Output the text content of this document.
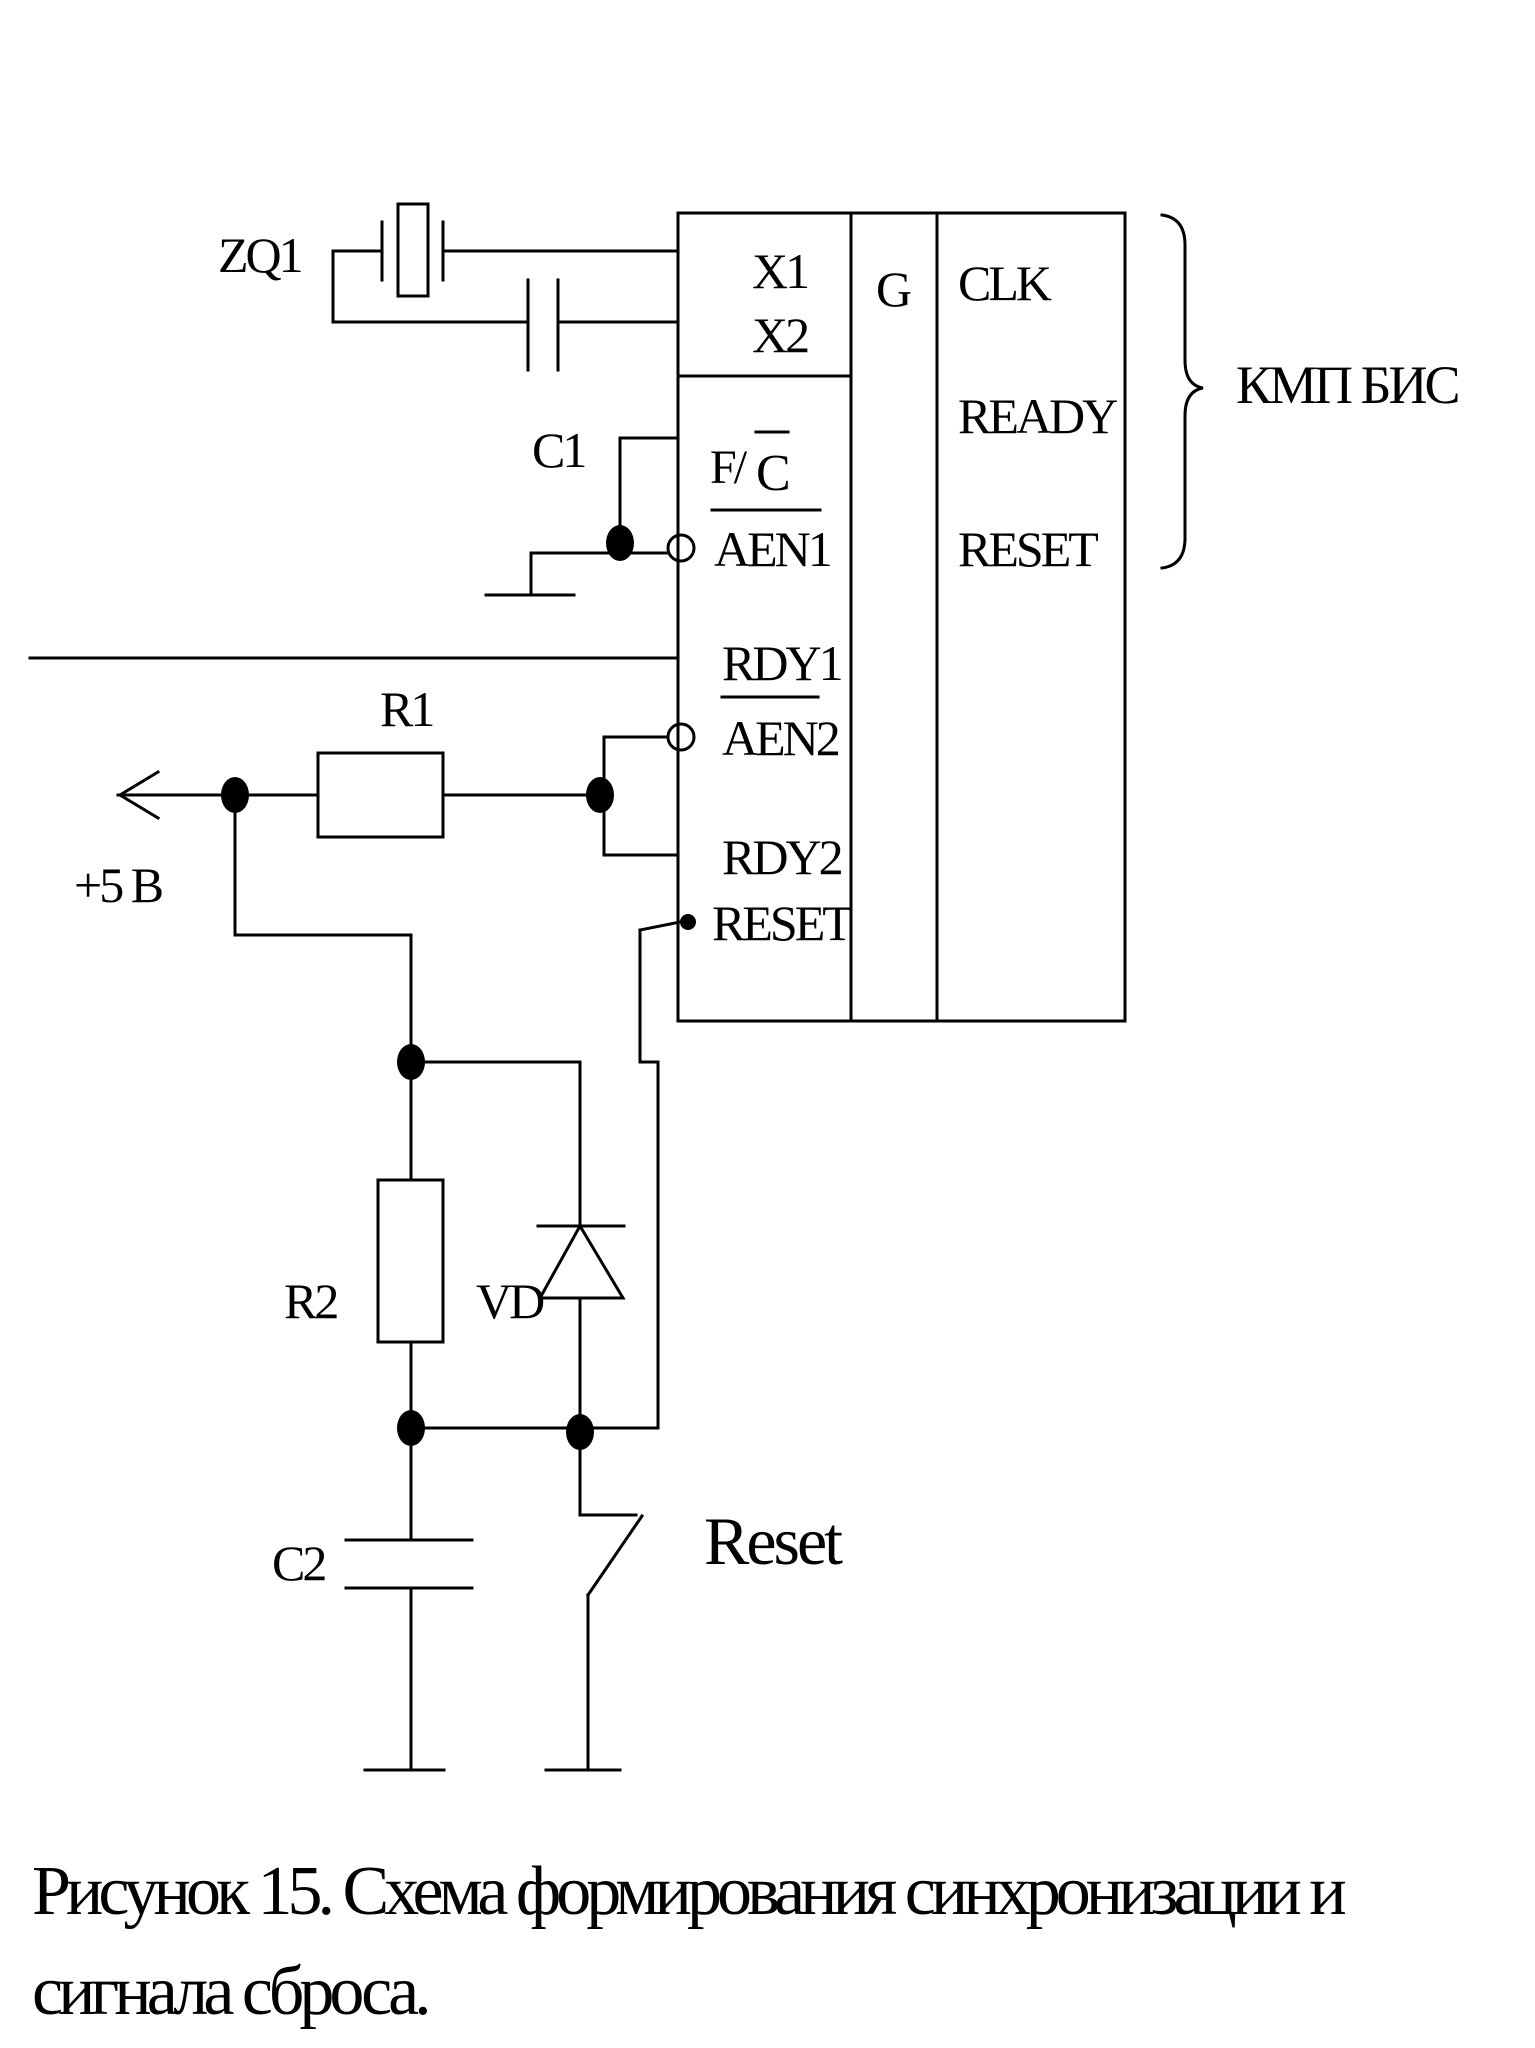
X1
X2
F/ C
AEN1
RDY1
AEN2
RDY2
RESET
G CLK
READY
RESET
КМП БИС
ZQ1
C1
R1
+5 В
R2	VD
C2	Reset
Рисунок 15. Схема формирования синхронизации и
сигнала сброса.
